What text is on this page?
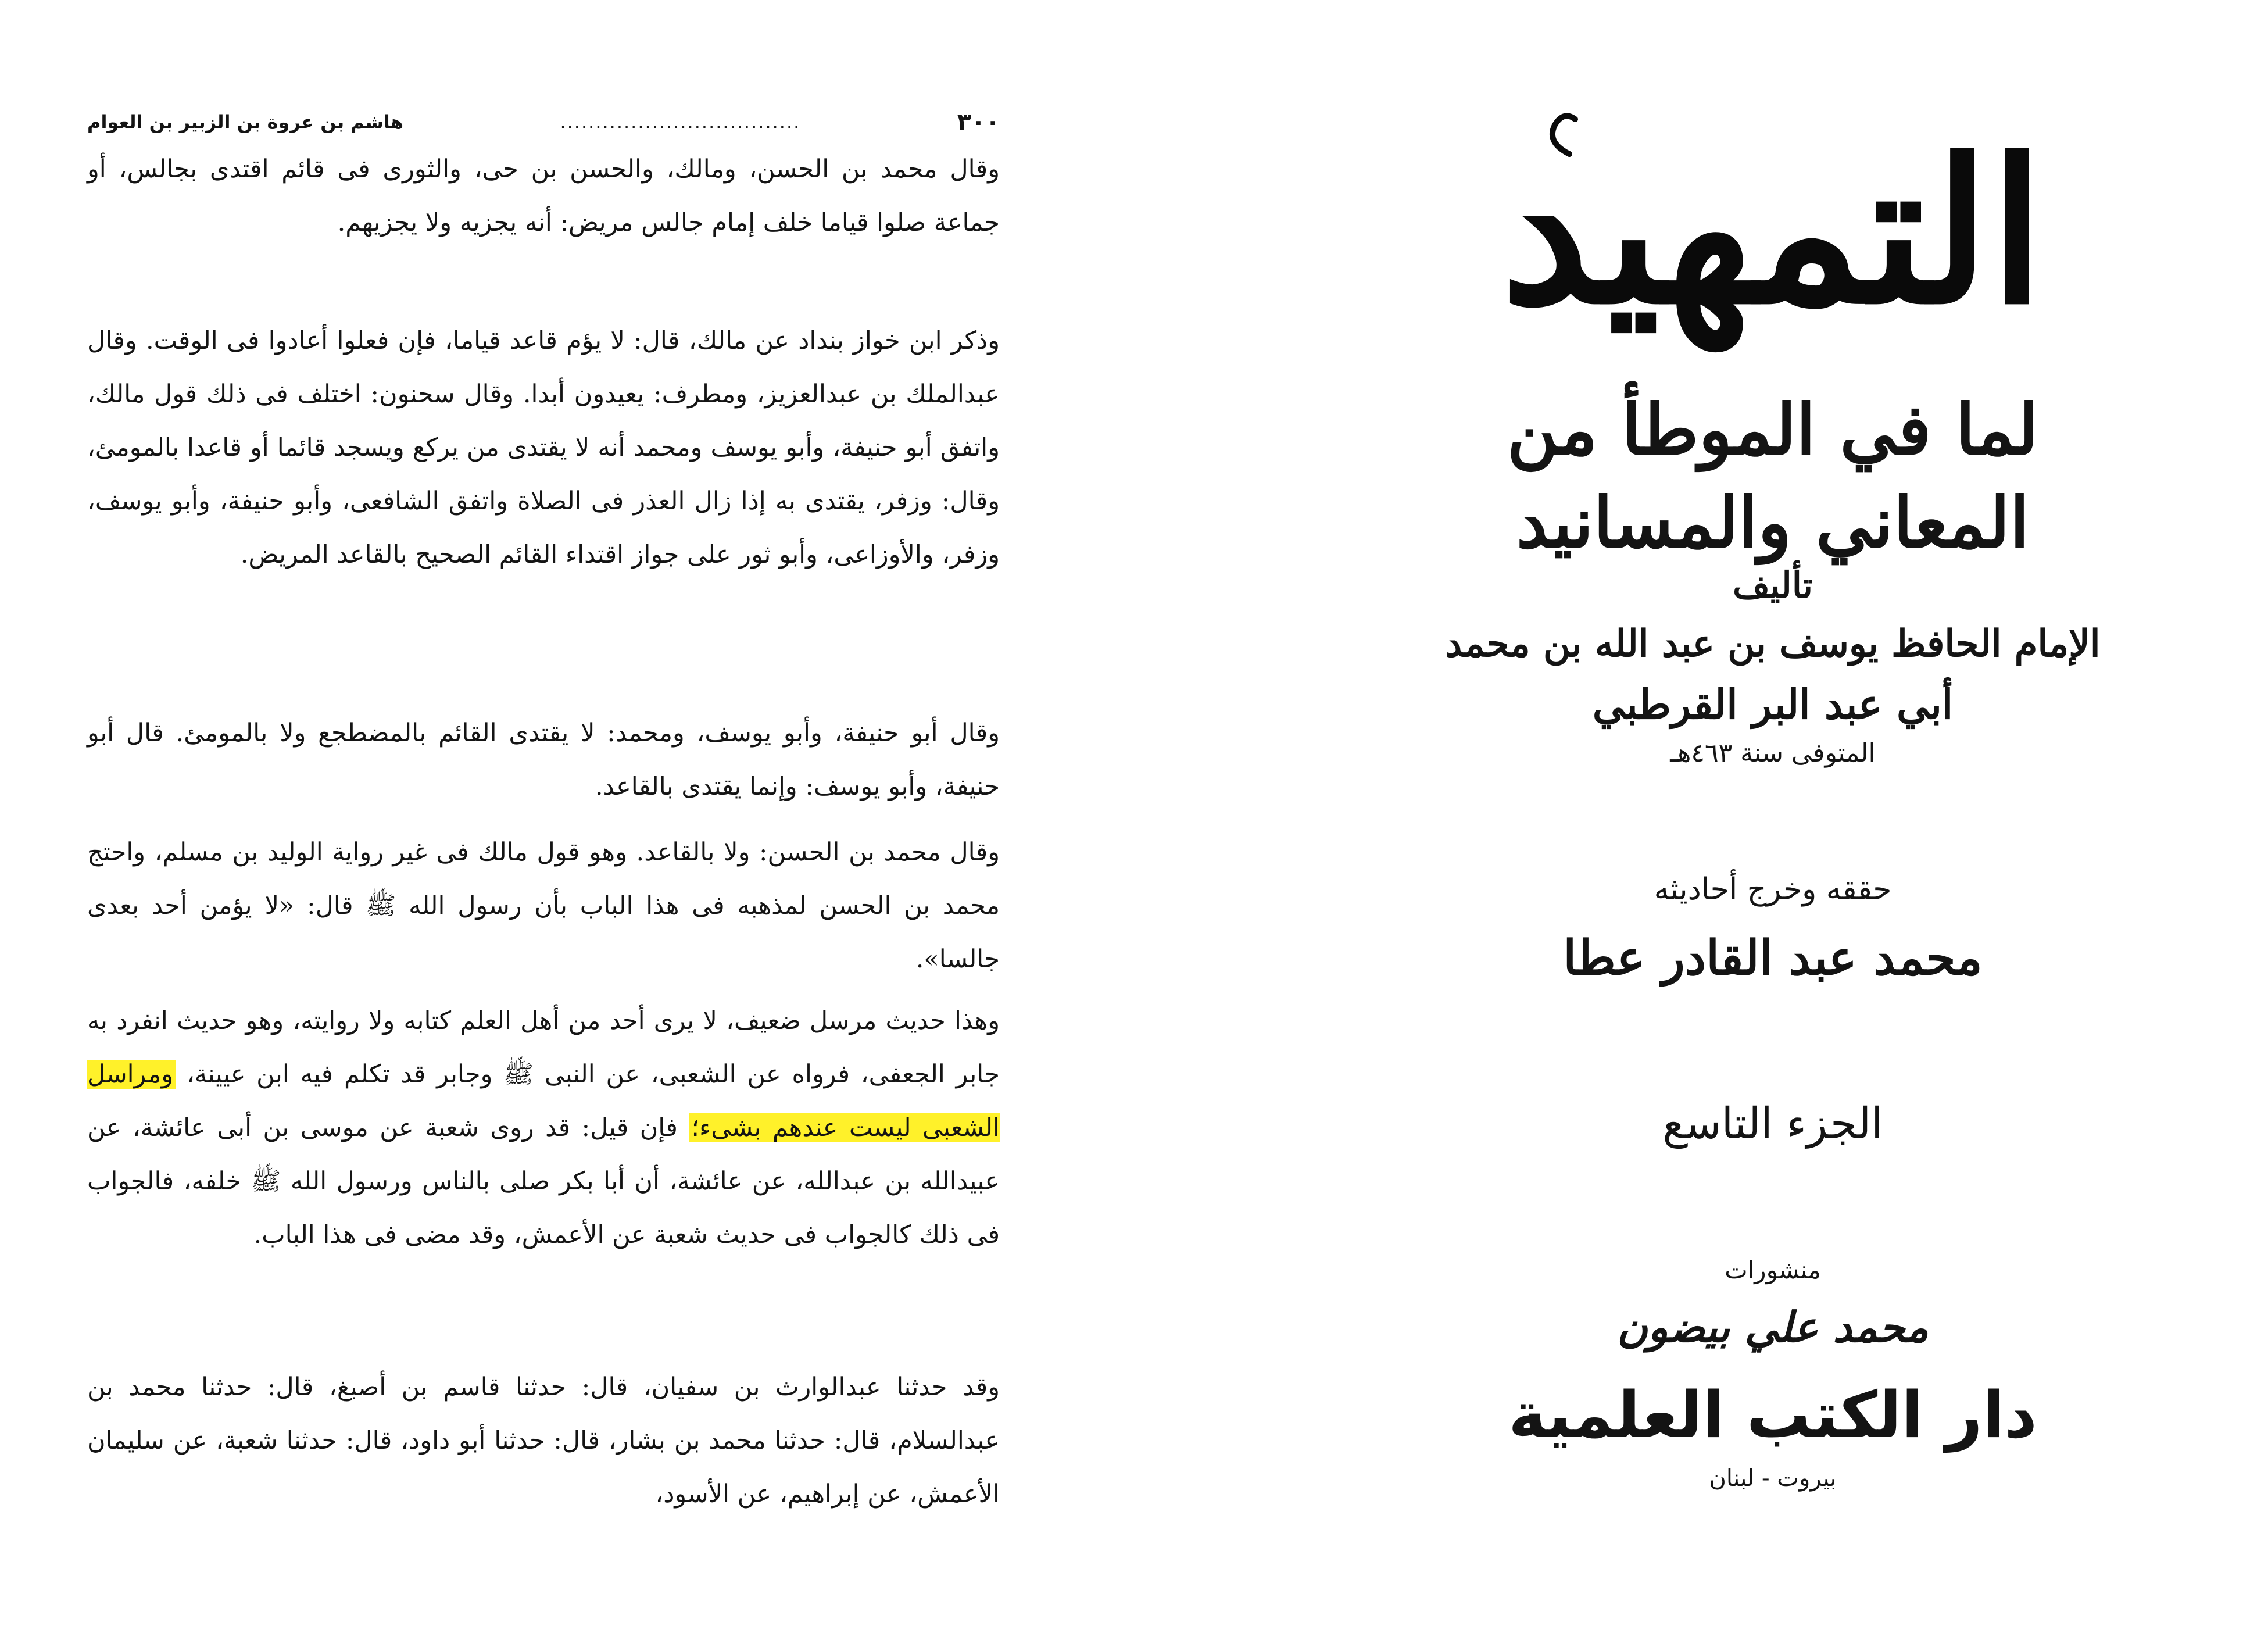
٣٠٠
..................................
هاشم بن عروة بن الزبير بن العوام

وقال محمد بن الحسن، ومالك، والحسن بن حى، والثورى فى قائم اقتدى بجالس، أو جماعة صلوا قياما خلف إمام جالس مريض: أنه يجزيه ولا يجزيهم.

وذكر ابن خواز بنداد عن مالك، قال: لا يؤم قاعد قياما، فإن فعلوا أعادوا فى الوقت. وقال عبدالملك بن عبدالعزيز، ومطرف: يعيدون أبدا. وقال سحنون: اختلف فى ذلك قول مالك، واتفق أبو حنيفة، وأبو يوسف ومحمد أنه لا يقتدى من يركع ويسجد قائما أو قاعدا بالمومئ، وقال: وزفر، يقتدى به إذا زال العذر فى الصلاة واتفق الشافعى، وأبو حنيفة، وأبو يوسف، وزفر، والأوزاعى، وأبو ثور على جواز اقتداء القائم الصحيح بالقاعد المريض.

وقال أبو حنيفة، وأبو يوسف، ومحمد: لا يقتدى القائم بالمضطجع ولا بالمومئ. قال أبو حنيفة، وأبو يوسف: وإنما يقتدى بالقاعد.

وقال محمد بن الحسن: ولا بالقاعد. وهو قول مالك فى غير رواية الوليد بن مسلم، واحتج محمد بن الحسن لمذهبه فى هذا الباب بأن رسول الله ﷺ قال: «لا يؤمن أحد بعدى جالسا».

وهذا حديث مرسل ضعيف، لا يرى أحد من أهل العلم كتابه ولا روايته، وهو حديث انفرد به جابر الجعفى، فرواه عن الشعبى، عن النبى ﷺ وجابر قد تكلم فيه ابن عيينة، ومراسل الشعبى ليست عندهم بشىء؛ فإن قيل: قد روى شعبة عن موسى بن أبى عائشة، عن عبيدالله بن عبدالله، عن عائشة، أن أبا بكر صلى بالناس ورسول الله ﷺ خلفه، فالجواب فى ذلك كالجواب فى حديث شعبة عن الأعمش، وقد مضى فى هذا الباب.

وقد حدثنا عبدالوارث بن سفيان، قال: حدثنا قاسم بن أصبغ، قال: حدثنا محمد بن عبدالسلام، قال: حدثنا محمد بن بشار، قال: حدثنا أبو داود، قال: حدثنا شعبة، عن سليمان الأعمش، عن إبراهيم، عن الأسود،

التمهيد
لما في الموطأ من المعاني والمسانيد
تأليف
الإمام الحافظ يوسف بن عبد الله بن محمد
أبي عبد البر القرطبي
المتوفى سنة ٤٦٣هـ
حققه وخرج أحاديثه
محمد عبد القادر عطا
الجزء التاسع
منشورات
محمد علي بيضون
دار الكتب العلمية
بيروت - لبنان
